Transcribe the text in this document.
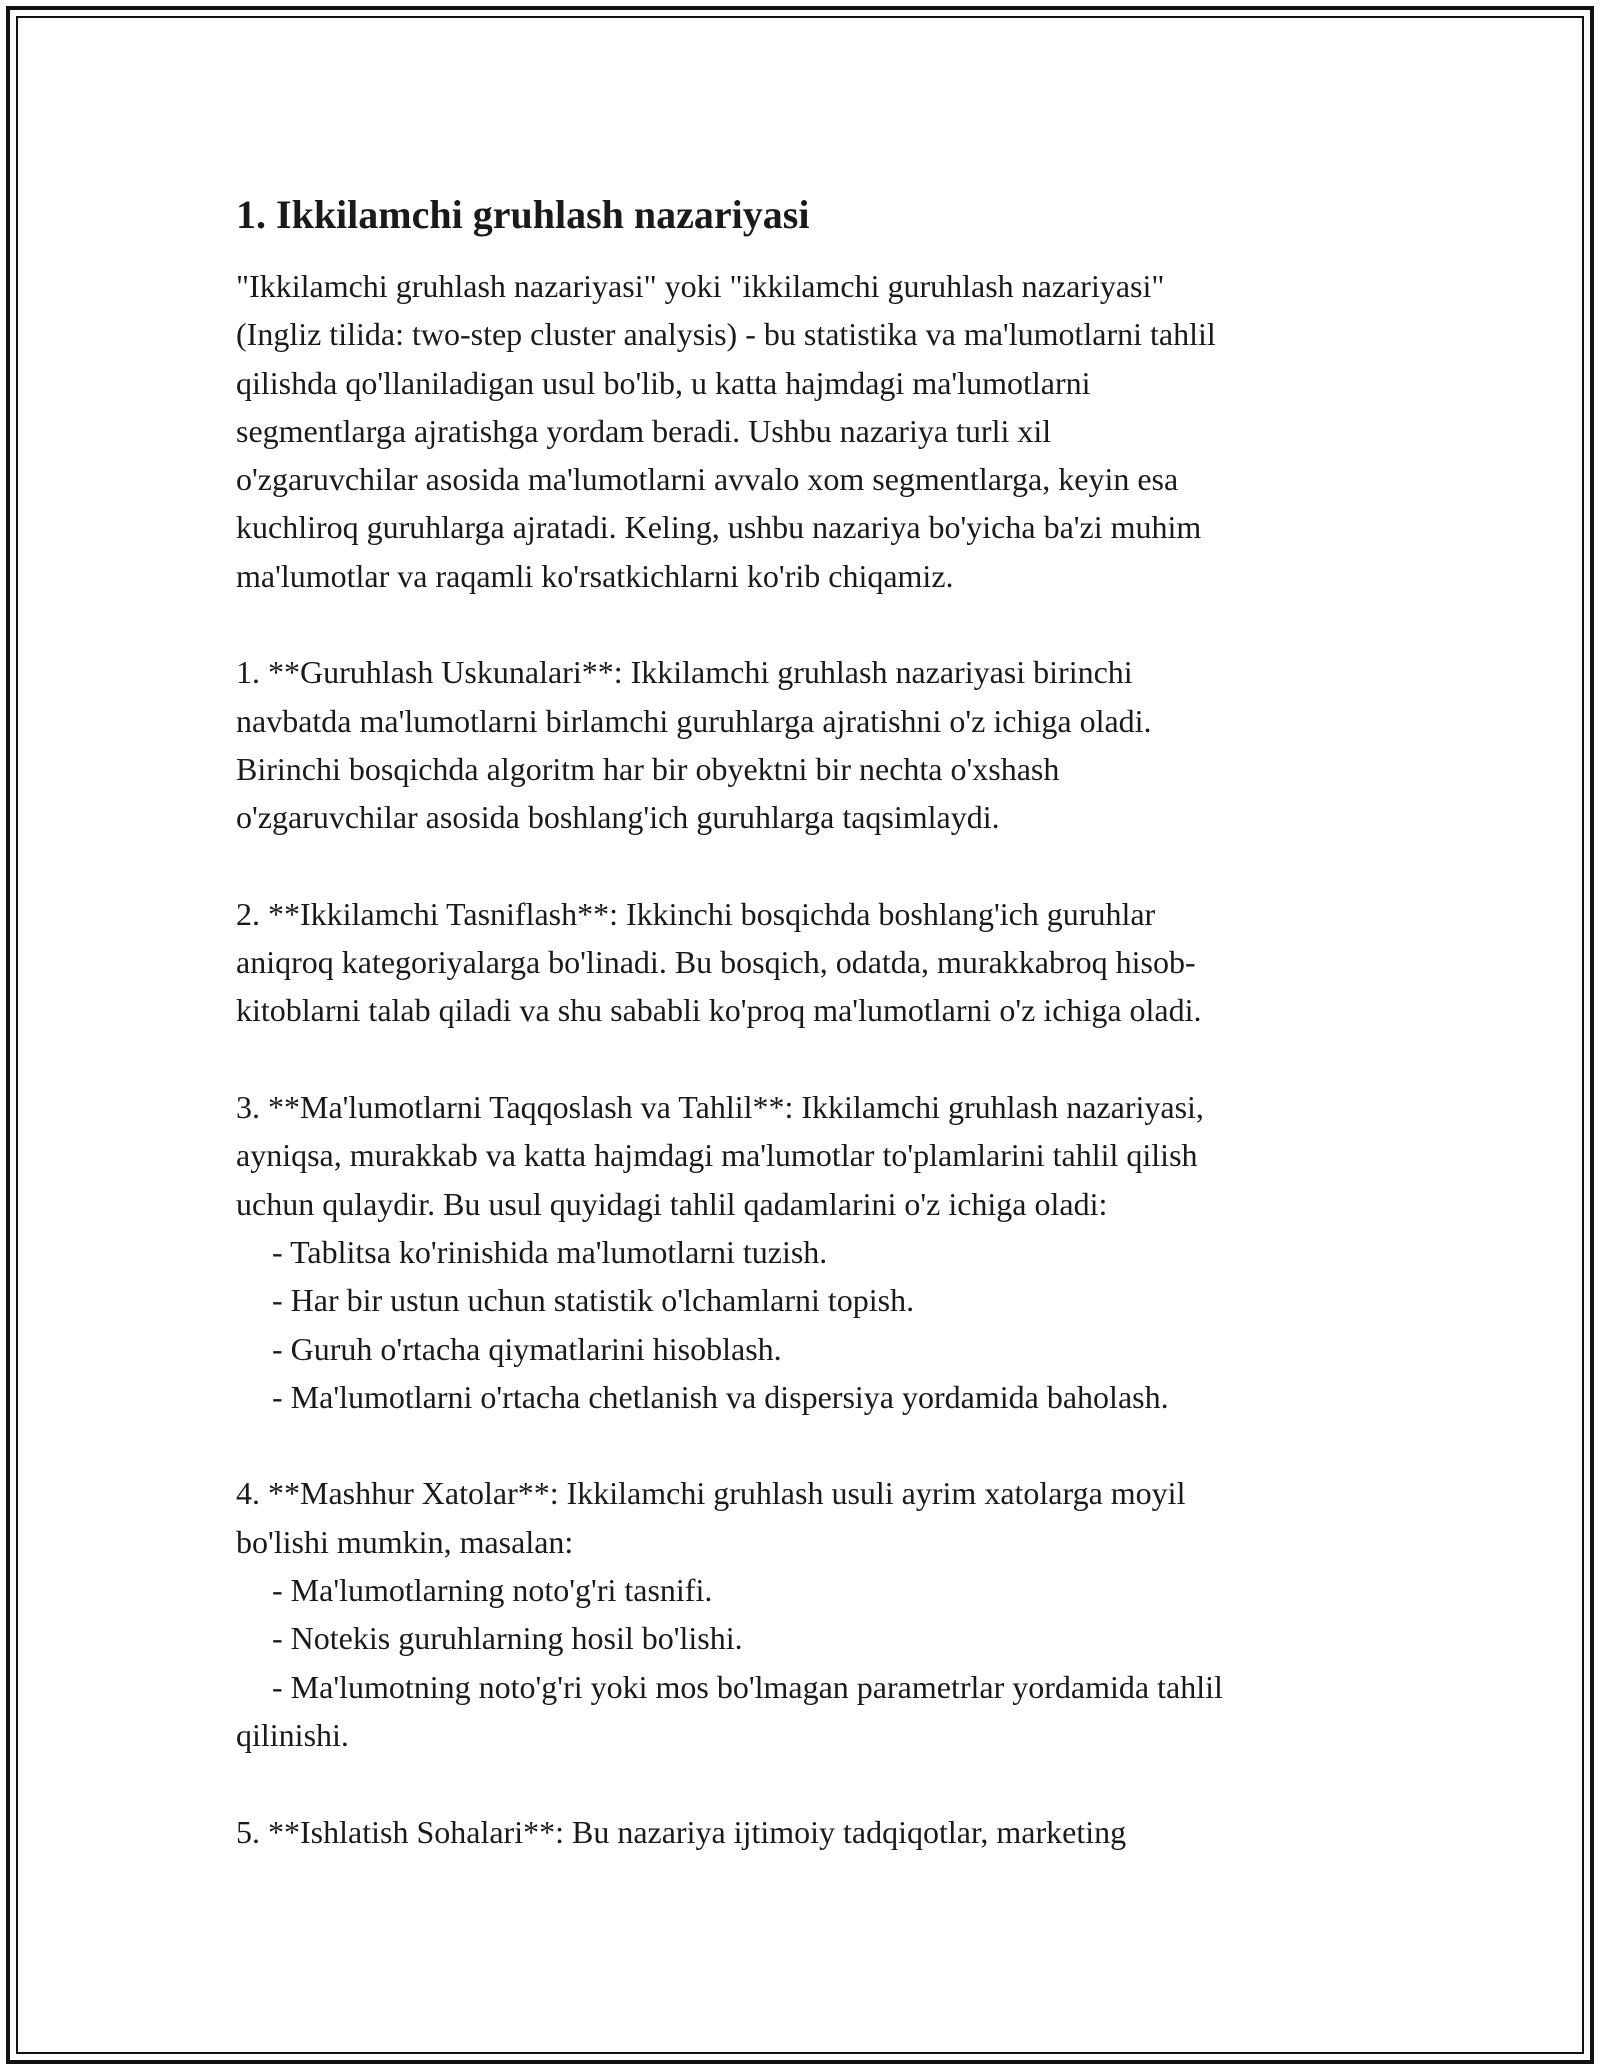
1. Ikkilamchi gruhlash nazariyasi

"Ikkilamchi gruhlash nazariyasi" yoki "ikkilamchi guruhlash nazariyasi"

(Ingliz tilida: two-step cluster analysis) - bu statistika va ma'lumotlarni tahlil

qilishda qo'llaniladigan usul bo'lib, u katta hajmdagi ma'lumotlarni

segmentlarga ajratishga yordam beradi. Ushbu nazariya turli xil

o'zgaruvchilar asosida ma'lumotlarni avvalo xom segmentlarga, keyin esa

kuchliroq guruhlarga ajratadi. Keling, ushbu nazariya bo'yicha ba'zi muhim

ma'lumotlar va raqamli ko'rsatkichlarni ko'rib chiqamiz.

1. **Guruhlash Uskunalari**: Ikkilamchi gruhlash nazariyasi birinchi

navbatda ma'lumotlarni birlamchi guruhlarga ajratishni o'z ichiga oladi.

Birinchi bosqichda algoritm har bir obyektni bir nechta o'xshash

o'zgaruvchilar asosida boshlang'ich guruhlarga taqsimlaydi.

2. **Ikkilamchi Tasniflash**: Ikkinchi bosqichda boshlang'ich guruhlar

aniqroq kategoriyalarga bo'linadi. Bu bosqich, odatda, murakkabroq hisob-

kitoblarni talab qiladi va shu sababli ko'proq ma'lumotlarni o'z ichiga oladi.

3. **Ma'lumotlarni Taqqoslash va Tahlil**: Ikkilamchi gruhlash nazariyasi,

ayniqsa, murakkab va katta hajmdagi ma'lumotlar to'plamlarini tahlil qilish

uchun qulaydir. Bu usul quyidagi tahlil qadamlarini o'z ichiga oladi:

- Tablitsa ko'rinishida ma'lumotlarni tuzish.

- Har bir ustun uchun statistik o'lchamlarni topish.

- Guruh o'rtacha qiymatlarini hisoblash.

- Ma'lumotlarni o'rtacha chetlanish va dispersiya yordamida baholash.

4. **Mashhur Xatolar**: Ikkilamchi gruhlash usuli ayrim xatolarga moyil

bo'lishi mumkin, masalan:

- Ma'lumotlarning noto'g'ri tasnifi.

- Notekis guruhlarning hosil bo'lishi.

- Ma'lumotning noto'g'ri yoki mos bo'lmagan parametrlar yordamida tahlil

qilinishi.

5. **Ishlatish Sohalari**: Bu nazariya ijtimoiy tadqiqotlar, marketing
